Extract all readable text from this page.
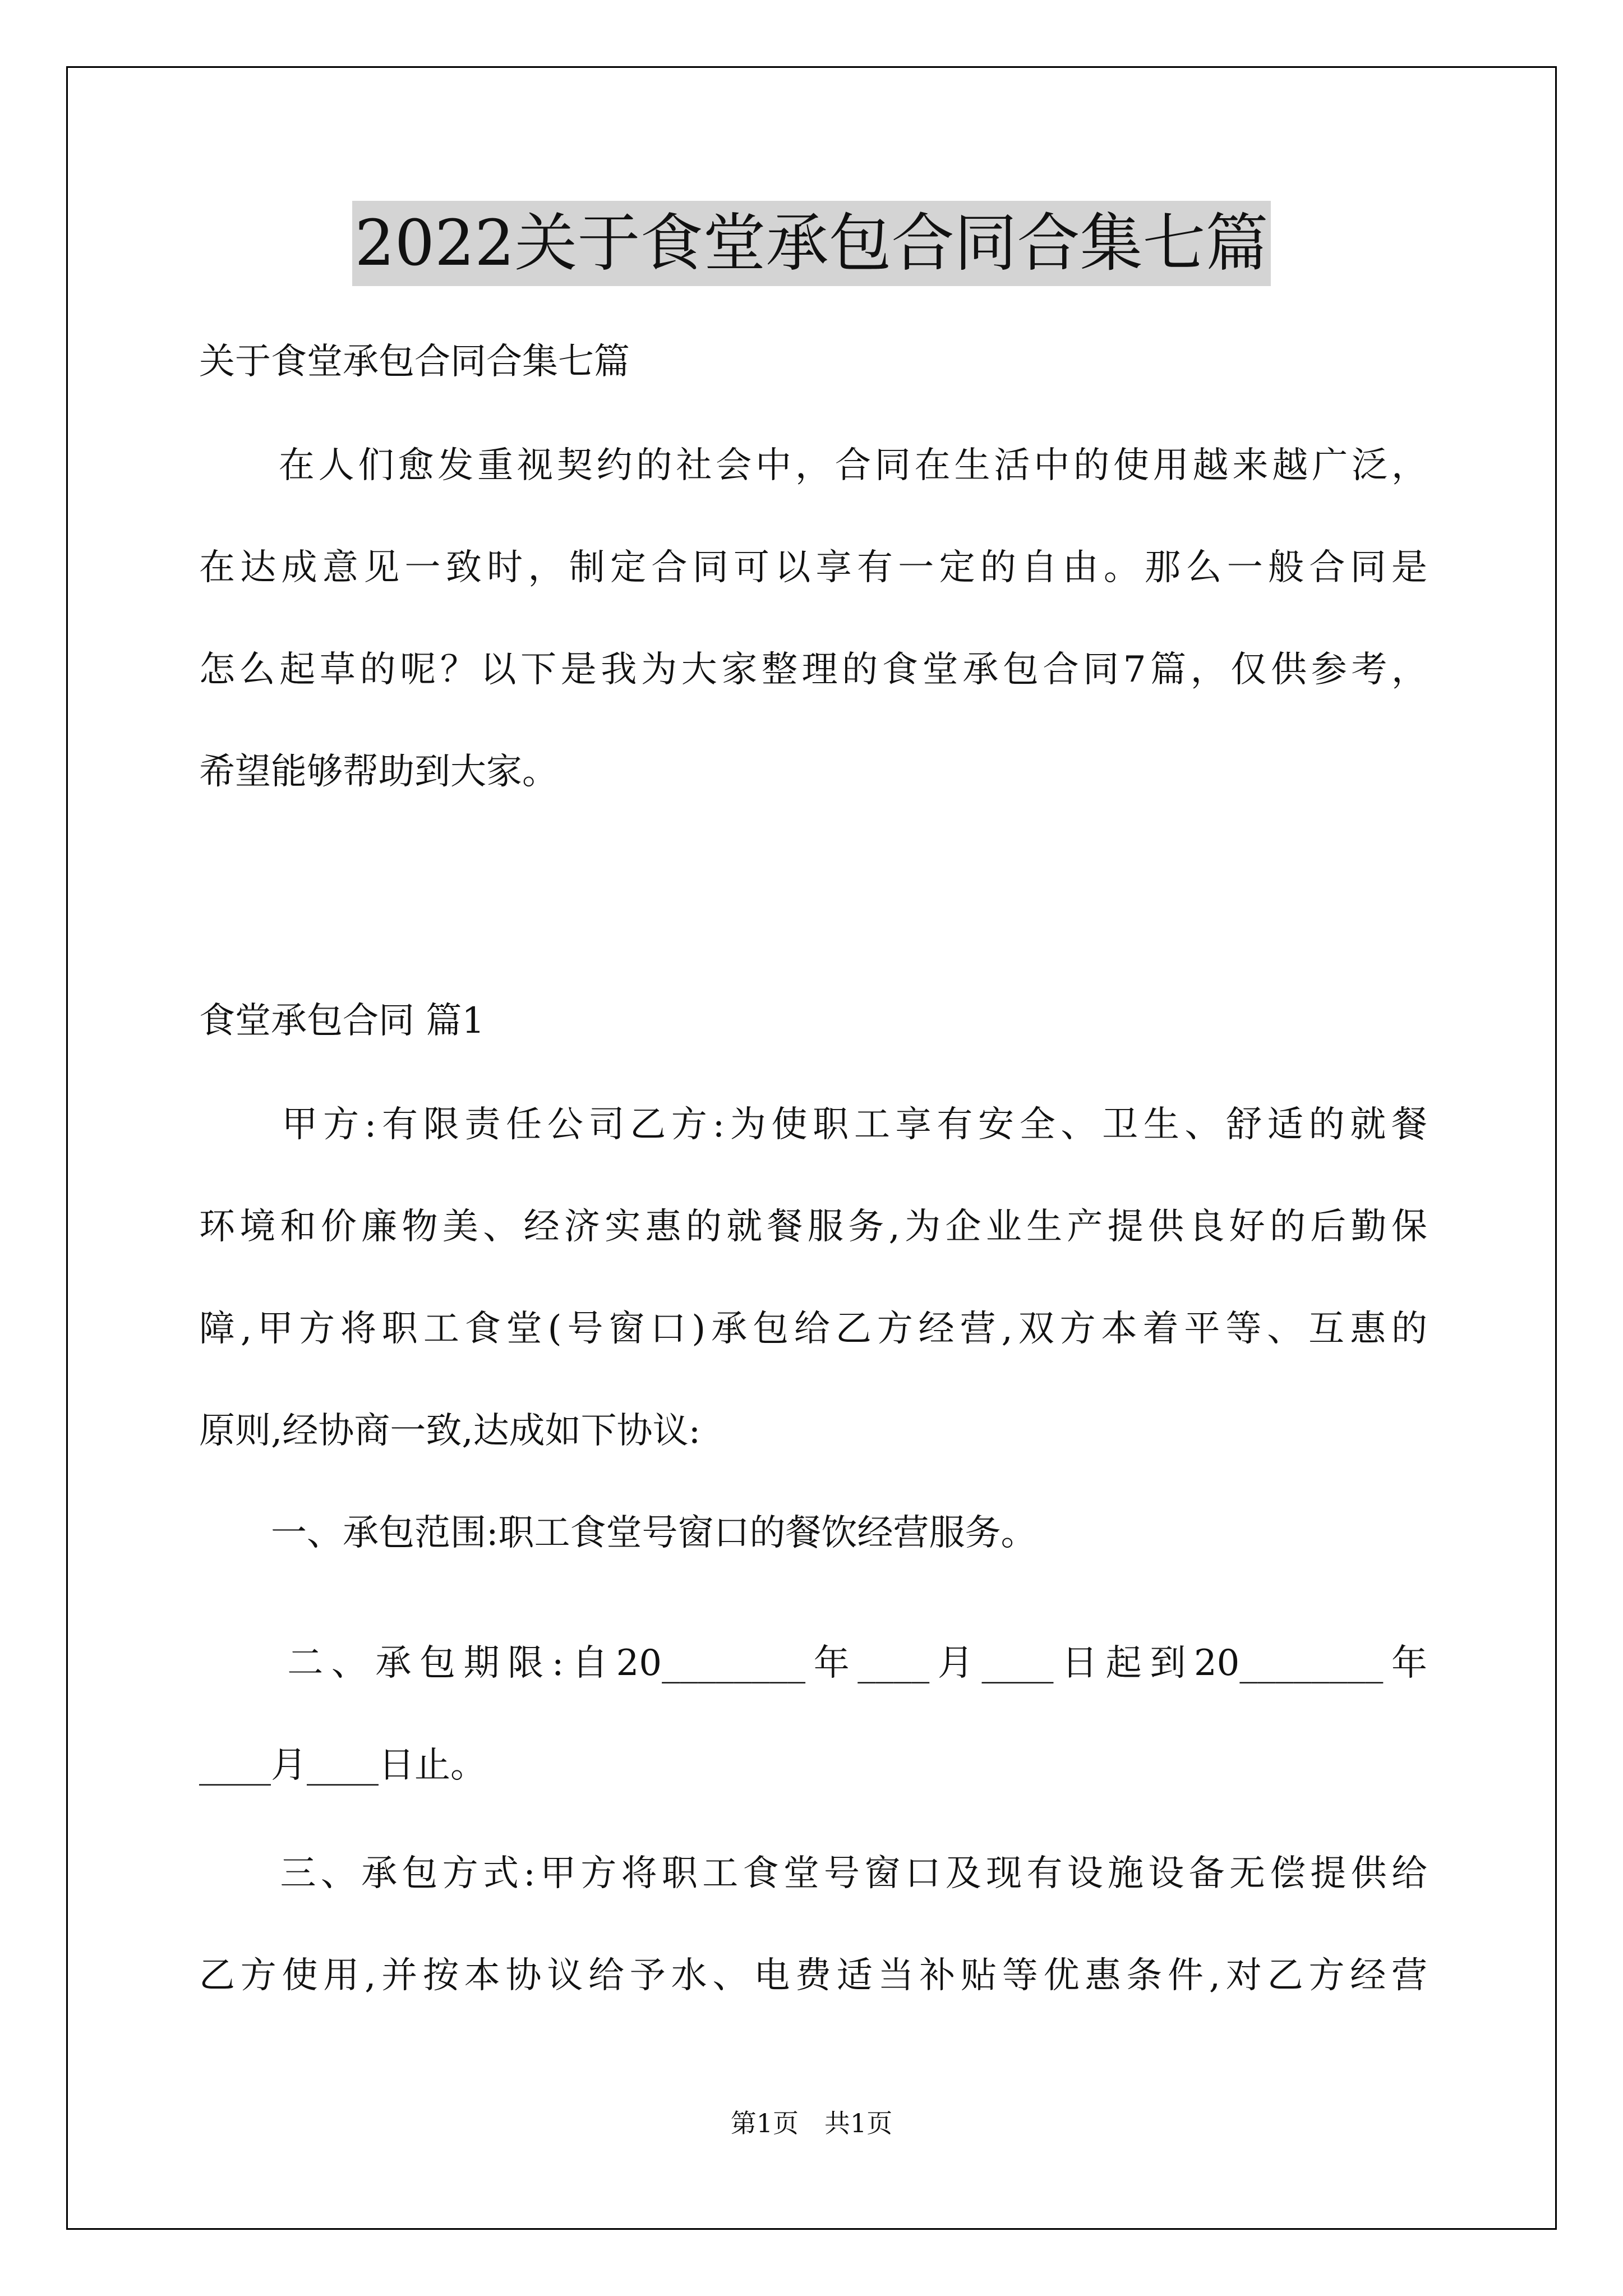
2022关于食堂承包合同合集七篇
关于食堂承包合同合集七篇
　　在人们愈发重视契约的社会中，合同在生活中的使用越来越广泛，
在达成意见一致时，制定合同可以享有一定的自由。那么一般合同是
怎么起草的呢？以下是我为大家整理的食堂承包合同7篇，仅供参考，
希望能够帮助到大家。
食堂承包合同 篇1
　　甲方:有限责任公司乙方:为使职工享有安全、卫生、舒适的就餐
环境和价廉物美、经济实惠的就餐服务,为企业生产提供良好的后勤保
障,甲方将职工食堂(号窗口)承包给乙方经营,双方本着平等、互惠的
原则,经协商一致,达成如下协议:
　　一、承包范围:职工食堂号窗口的餐饮经营服务。
　　二、承包期限:自20________年____月____日起到20________年
____月____日止。
　　三、承包方式:甲方将职工食堂号窗口及现有设施设备无偿提供给
乙方使用,并按本协议给予水、电费适当补贴等优惠条件,对乙方经营
第1页　共1页
